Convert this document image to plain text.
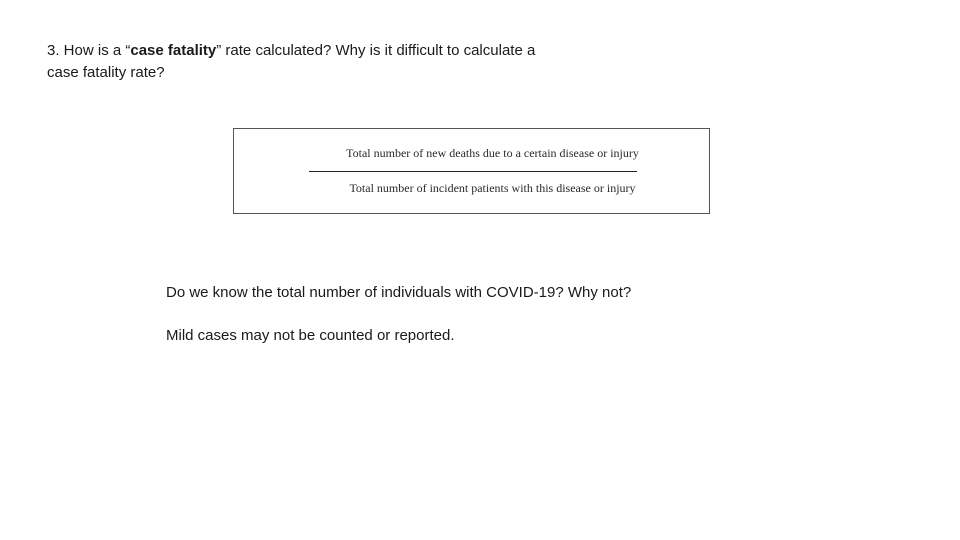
3. How is a “case fatality” rate calculated? Why is it difficult to calculate a case fatality rate?

Total number of new deaths due to a certain disease or injury
Total number of incident patients with this disease or injury

Do we know the total number of individuals with COVID-19? Why not?

Mild cases may not be counted or reported.
